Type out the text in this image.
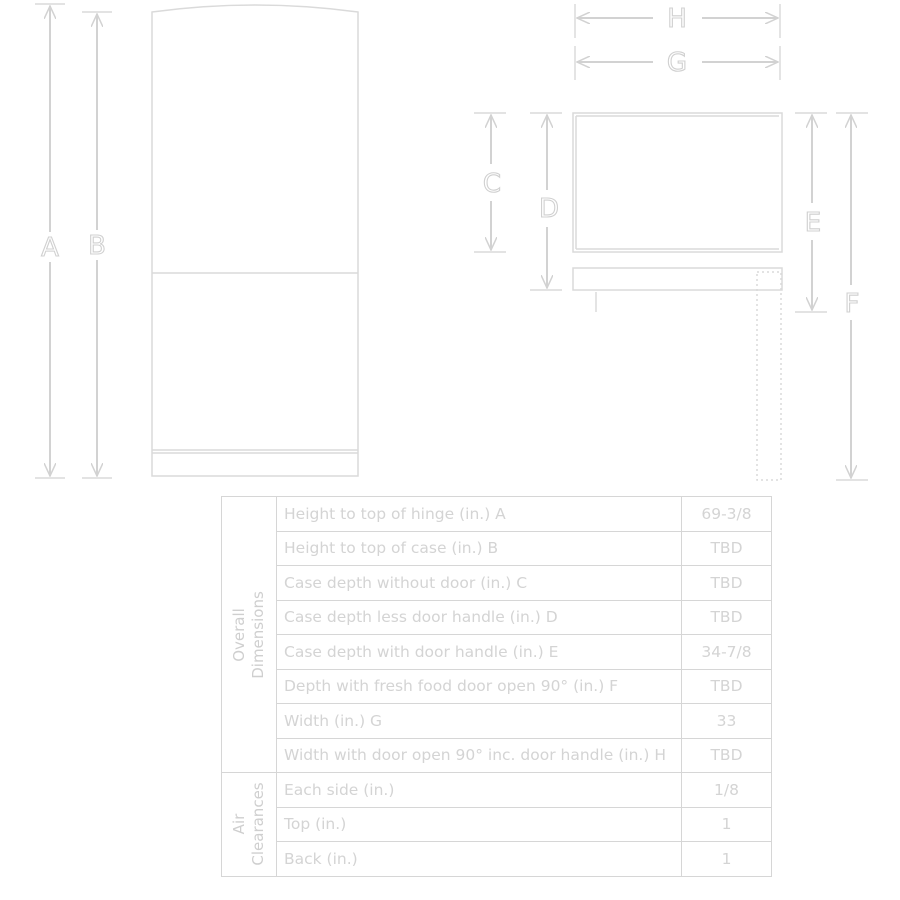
A B
H
G
C
D	E
F
Overall Dimensions	Height to top of hinge (in.) A	69-3/8
	Height to top of case (in.) B	TBD
	Case depth without door (in.) C	TBD
	Case depth less door handle (in.) D	TBD
	Case depth with door handle (in.) E	34-7/8
	Depth with fresh food door open 90° (in.) F	TBD
	Width (in.) G	33
	Width with door open 90° inc. door handle (in.) H	TBD

Air Clearances	Each side (in.)	1/8
	Top (in.)	1
	Back (in.)	1
